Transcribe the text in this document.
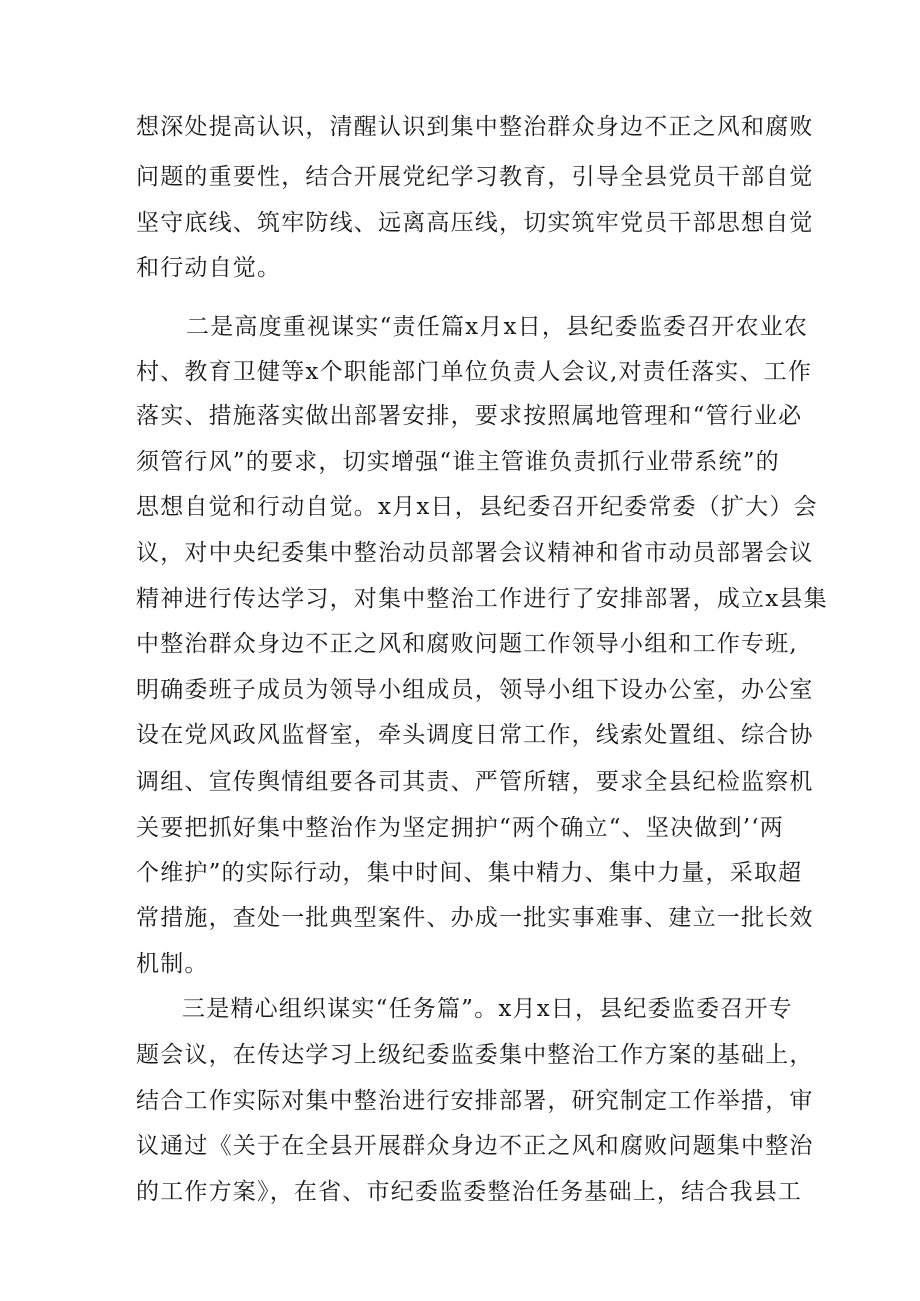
想深处提高认识，清醒认识到集中整治群众身边不正之风和腐败
问题的重要性，结合开展党纪学习教育，引导全县党员干部自觉
坚守底线、筑牢防线、远离高压线，切实筑牢党员干部思想自觉
和行动自觉。
二是高度重视谋实“责任篇x月x日，县纪委监委召开农业农
村、教育卫健等x个职能部门单位负责人会议,对责任落实、工作
落实、措施落实做出部署安排，要求按照属地管理和“管行业必
须管行风”的要求，切实增强“谁主管谁负责抓行业带系统”的
思想自觉和行动自觉。x月x日，县纪委召开纪委常委（扩大）会
议，对中央纪委集中整治动员部署会议精神和省市动员部署会议
精神进行传达学习，对集中整治工作进行了安排部署，成立x县集
中整治群众身边不正之风和腐败问题工作领导小组和工作专班,
明确委班子成员为领导小组成员，领导小组下设办公室，办公室
设在党风政风监督室，牵头调度日常工作，线索处置组、综合协
调组、宣传舆情组要各司其责、严管所辖，要求全县纪检监察机
关要把抓好集中整治作为坚定拥护“两个确立“、坚决做到’‘两
个维护”的实际行动，集中时间、集中精力、集中力量，采取超
常措施，查处一批典型案件、办成一批实事难事、建立一批长效
机制。
三是精心组织谋实“任务篇”。x月x日，县纪委监委召开专
题会议，在传达学习上级纪委监委集中整治工作方案的基础上，
结合工作实际对集中整治进行安排部署，研究制定工作举措，审
议通过《关于在全县开展群众身边不正之风和腐败问题集中整治
的工作方案》，在省、市纪委监委整治任务基础上，结合我县工
